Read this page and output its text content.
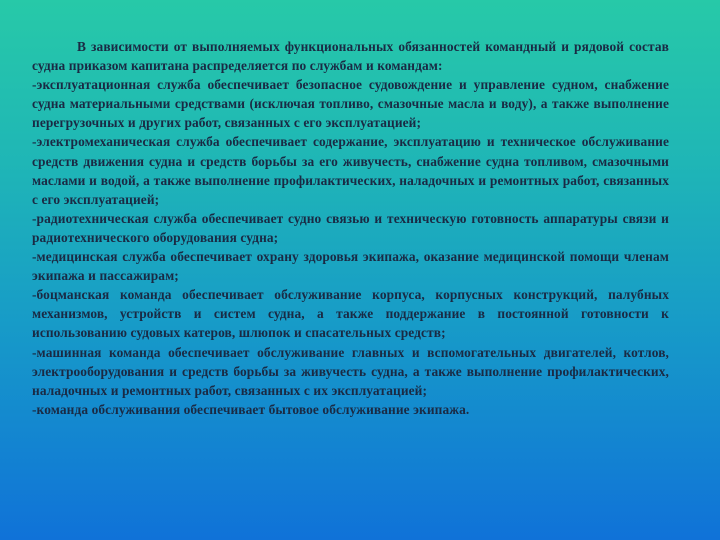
В зависимости от выполняемых функциональных обязанностей командный и рядовой состав судна приказом капитана распределяется по службам и командам:

-эксплуатационная служба обеспечивает безопасное судовождение и управление судном, снабжение судна материальными средствами (исключая топливо, смазочные масла и воду), а также выполнение перегрузочных и других работ, связанных с его эксплуатацией;

-электромеханическая служба обеспечивает содержание, эксплуатацию и техническое обслуживание средств движения судна и средств борьбы за его живучесть, снабжение судна топливом, смазочными маслами и водой, а также выполнение профилактических, наладочных и ремонтных работ, связанных с его эксплуатацией;

-радиотехническая служба обеспечивает судно связью и техническую готовность аппаратуры связи и радиотехнического оборудования судна;

-медицинская служба обеспечивает охрану здоровья экипажа, оказание медицинской помощи членам экипажа и пассажирам;

-боцманская команда обеспечивает обслуживание корпуса, корпусных конструкций, палубных механизмов, устройств и систем судна, а также поддержание в постоянной готовности к использованию судовых катеров, шлюпок и спасательных средств;

-машинная команда обеспечивает обслуживание главных и вспомогательных двигателей, котлов, электрооборудования и средств борьбы за живучесть судна, а также выполнение профилактических, наладочных и ремонтных работ, связанных с их эксплуатацией;

-команда обслуживания обеспечивает бытовое обслуживание экипажа.
